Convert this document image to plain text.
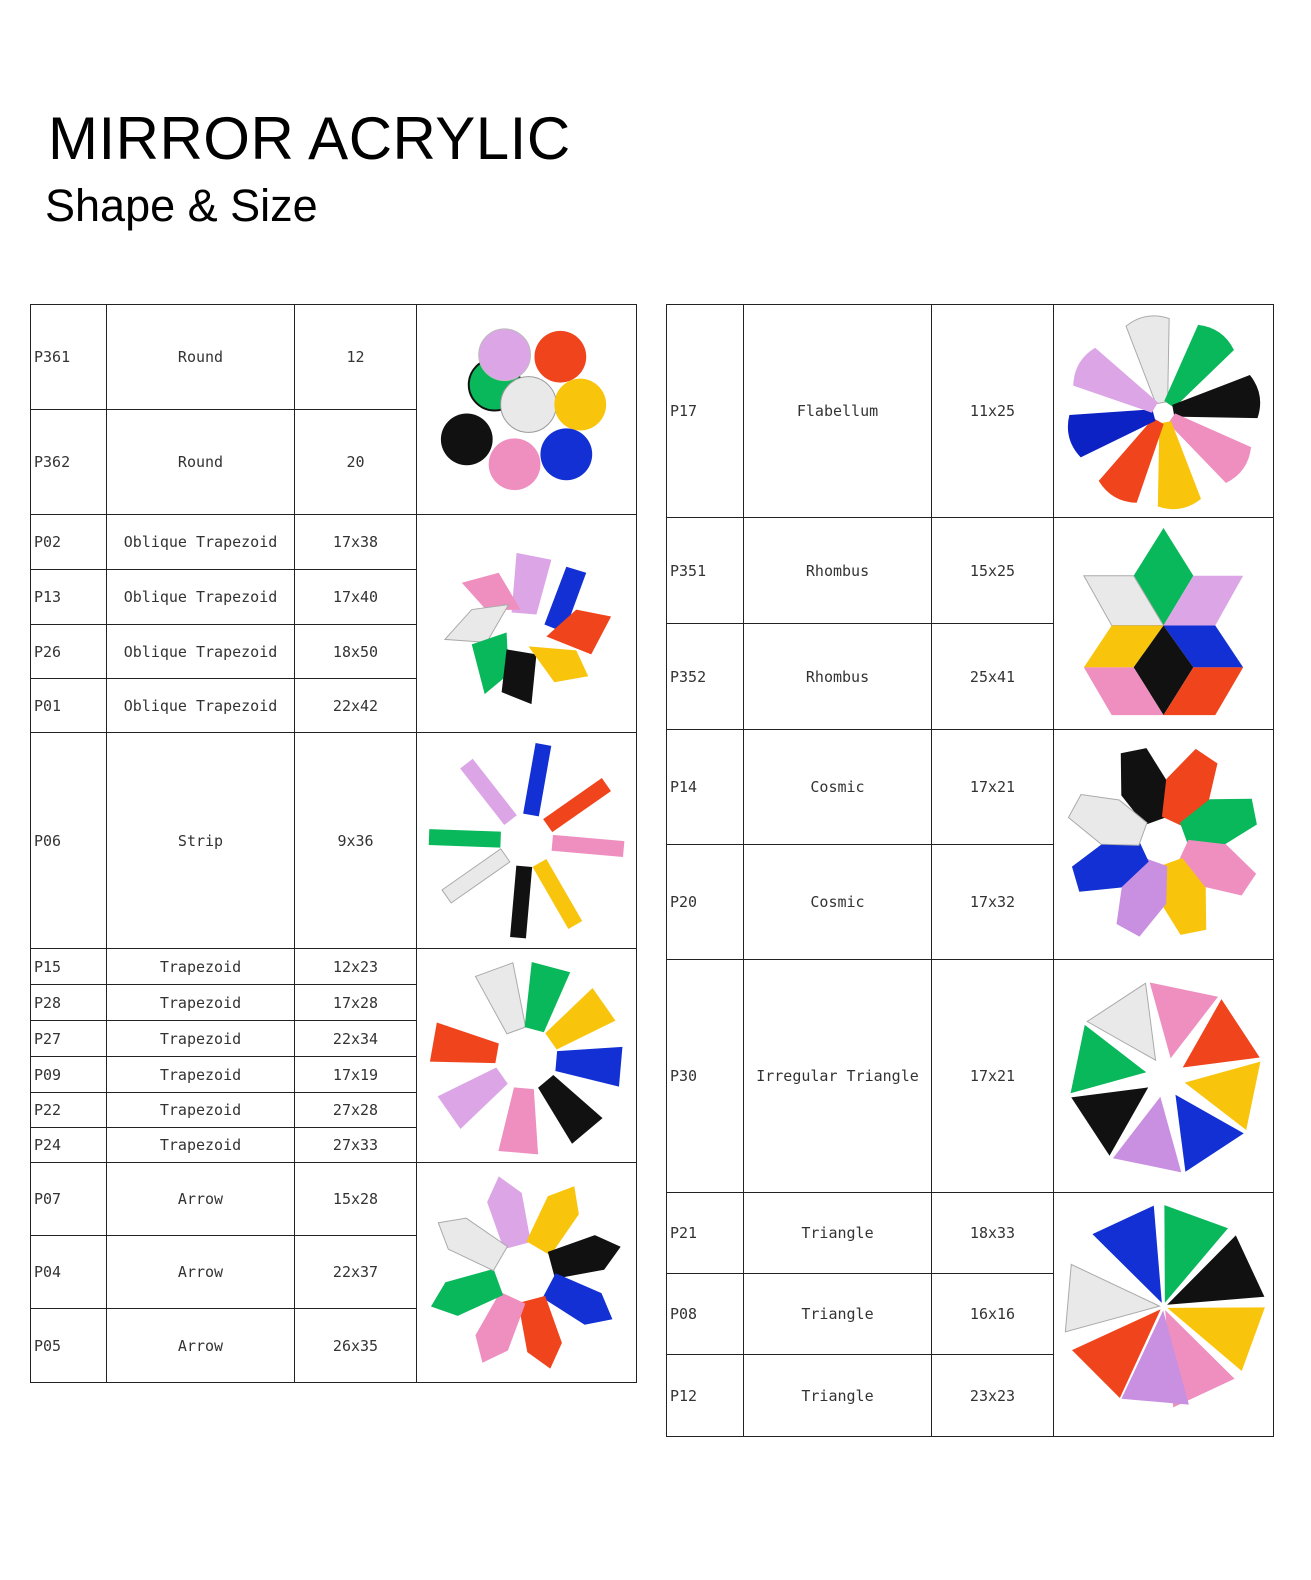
MIRROR ACRYLIC
Shape & Size
P361	Round	12	

P362	Round	20	
P02	Oblique Trapezoid	17x38	

P13	Oblique Trapezoid	17x40	
P26	Oblique Trapezoid	18x50	
P01	Oblique Trapezoid	22x42	
P06	Strip	9x36	

P15	Trapezoid	12x23	

P28	Trapezoid	17x28	
P27	Trapezoid	22x34	
P09	Trapezoid	17x19	
P22	Trapezoid	27x28	
P24	Trapezoid	27x33	
P07	Arrow	15x28	

P04	Arrow	22x37	
P05	Arrow	26x35	
P17	Flabellum	11x25	

P351	Rhombus	15x25	

P352	Rhombus	25x41	
P14	Cosmic	17x21	

P20	Cosmic	17x32	
P30	Irregular Triangle	17x21	

P21	Triangle	18x33	

P08	Triangle	16x16	
P12	Triangle	23x23	
